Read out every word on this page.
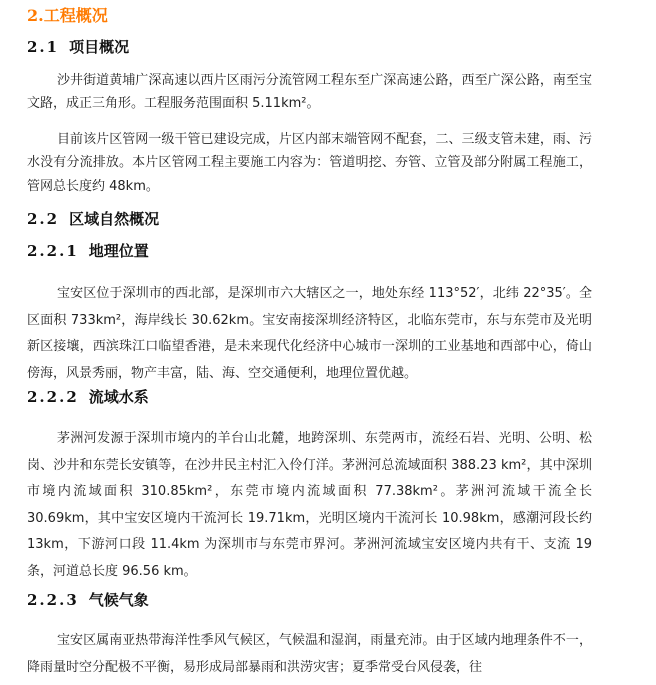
2.工程概况
2.1 项目概况

沙井街道黄埔广深高速以西片区雨污分流管网工程东至广深高速公路，西至广深公路，南至宝文路，成正三角形。工程服务范围面积 5.11km²。

目前该片区管网一级干管已建设完成，片区内部末端管网不配套，二、三级支管未建，雨、污水没有分流排放。本片区管网工程主要施工内容为：管道明挖、夯管、立管及部分附属工程施工，管网总长度约 48km。

2.2 区域自然概况
2.2.1 地理位置

宝安区位于深圳市的西北部，是深圳市六大辖区之一，地处东经 113°52′，北纬 22°35′。全区面积 733km²，海岸线长 30.62km。宝安南接深圳经济特区，北临东莞市，东与东莞市及光明新区接壤，西滨珠江口临望香港，是未来现代化经济中心城市一深圳的工业基地和西部中心，倚山傍海，风景秀丽，物产丰富，陆、海、空交通便利，地理位置优越。

2.2.2 流域水系

茅洲河发源于深圳市境内的羊台山北麓，地跨深圳、东莞两市，流经石岩、光明、公明、松岗、沙井和东莞长安镇等，在沙井民主村汇入伶仃洋。茅洲河总流域面积 388.23 km²，其中深圳市境内流域面积 310.85km²，东莞市境内流域面积 77.38km²。茅洲河流域干流全长 30.69km，其中宝安区境内干流河长 19.71km，光明区境内干流河长 10.98km，感潮河段长约 13km，下游河口段 11.4km 为深圳市与东莞市界河。茅洲河流域宝安区境内共有干、支流 19 条，河道总长度 96.56 km。

2.2.3 气候气象

宝安区属南亚热带海洋性季风气候区，气候温和湿润，雨量充沛。由于区域内地理条件不一，降雨量时空分配极不平衡，易形成局部暴雨和洪涝灾害；夏季常受台风侵袭，往
